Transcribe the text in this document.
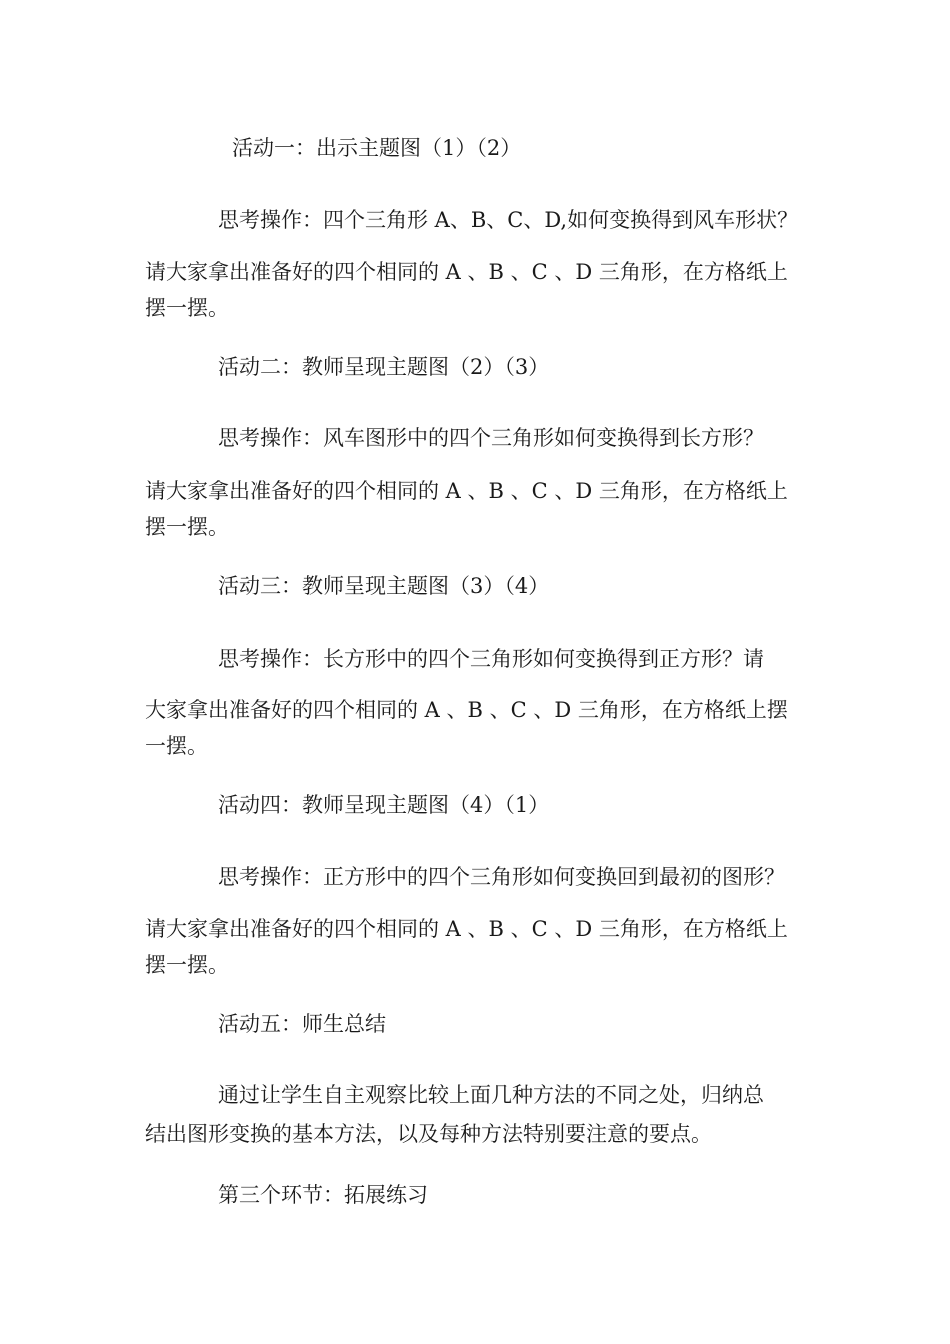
活动一：出示主题图（1）（2）
思考操作：四个三角形 A、B、C、D,如何变换得到风车形状？
请大家拿出准备好的四个相同的 A 、B 、C 、D 三角形，在方格纸上
摆一摆。
活动二：教师呈现主题图（2）（3）
思考操作：风车图形中的四个三角形如何变换得到长方形？
请大家拿出准备好的四个相同的 A 、B 、C 、D 三角形，在方格纸上
摆一摆。
活动三：教师呈现主题图（3）（4）
思考操作：长方形中的四个三角形如何变换得到正方形？请
大家拿出准备好的四个相同的 A 、B 、C 、D 三角形，在方格纸上摆
一摆。
活动四：教师呈现主题图（4）（1）
思考操作：正方形中的四个三角形如何变换回到最初的图形？
请大家拿出准备好的四个相同的 A 、B 、C 、D 三角形，在方格纸上
摆一摆。
活动五：师生总结
通过让学生自主观察比较上面几种方法的不同之处，归纳总
结出图形变换的基本方法，以及每种方法特别要注意的要点。
第三个环节：拓展练习
